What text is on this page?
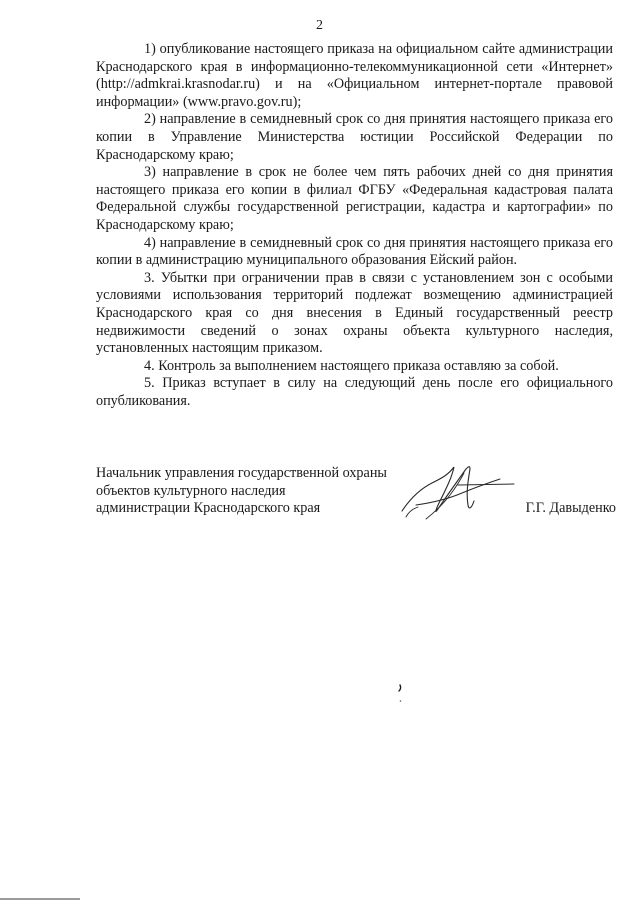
2

1) опубликование настоящего приказа на официальном сайте администрации Краснодарского края в информационно-телекоммуникационной сети «Интернет» (http://admkrai.krasnodar.ru) и на «Официальном интернет-портале правовой информации» (www.pravo.gov.ru);

2) направление в семидневный срок со дня принятия настоящего приказа его копии в Управление Министерства юстиции Российской Федерации по Краснодарскому краю;

3) направление в срок не более чем пять рабочих дней со дня принятия настоящего приказа его копии в филиал ФГБУ «Федеральная кадастровая палата Федеральной службы государственной регистрации, кадастра и картографии» по Краснодарскому краю;

4) направление в семидневный срок со дня принятия настоящего приказа его копии в администрацию муниципального образования Ейский район.

3. Убытки при ограничении прав в связи с установлением зон с особыми условиями использования территорий подлежат возмещению администрацией Краснодарского края со дня внесения в Единый государственный реестр недвижимости сведений о зонах охраны объекта культурного наследия, установленных настоящим приказом.

4. Контроль за выполнением настоящего приказа оставляю за собой.

5. Приказ вступает в силу на следующий день после его официального опубликования.

Начальник управления государственной охраны
объектов культурного наследия
администрации Краснодарского края	Г.Г. Давыденко
